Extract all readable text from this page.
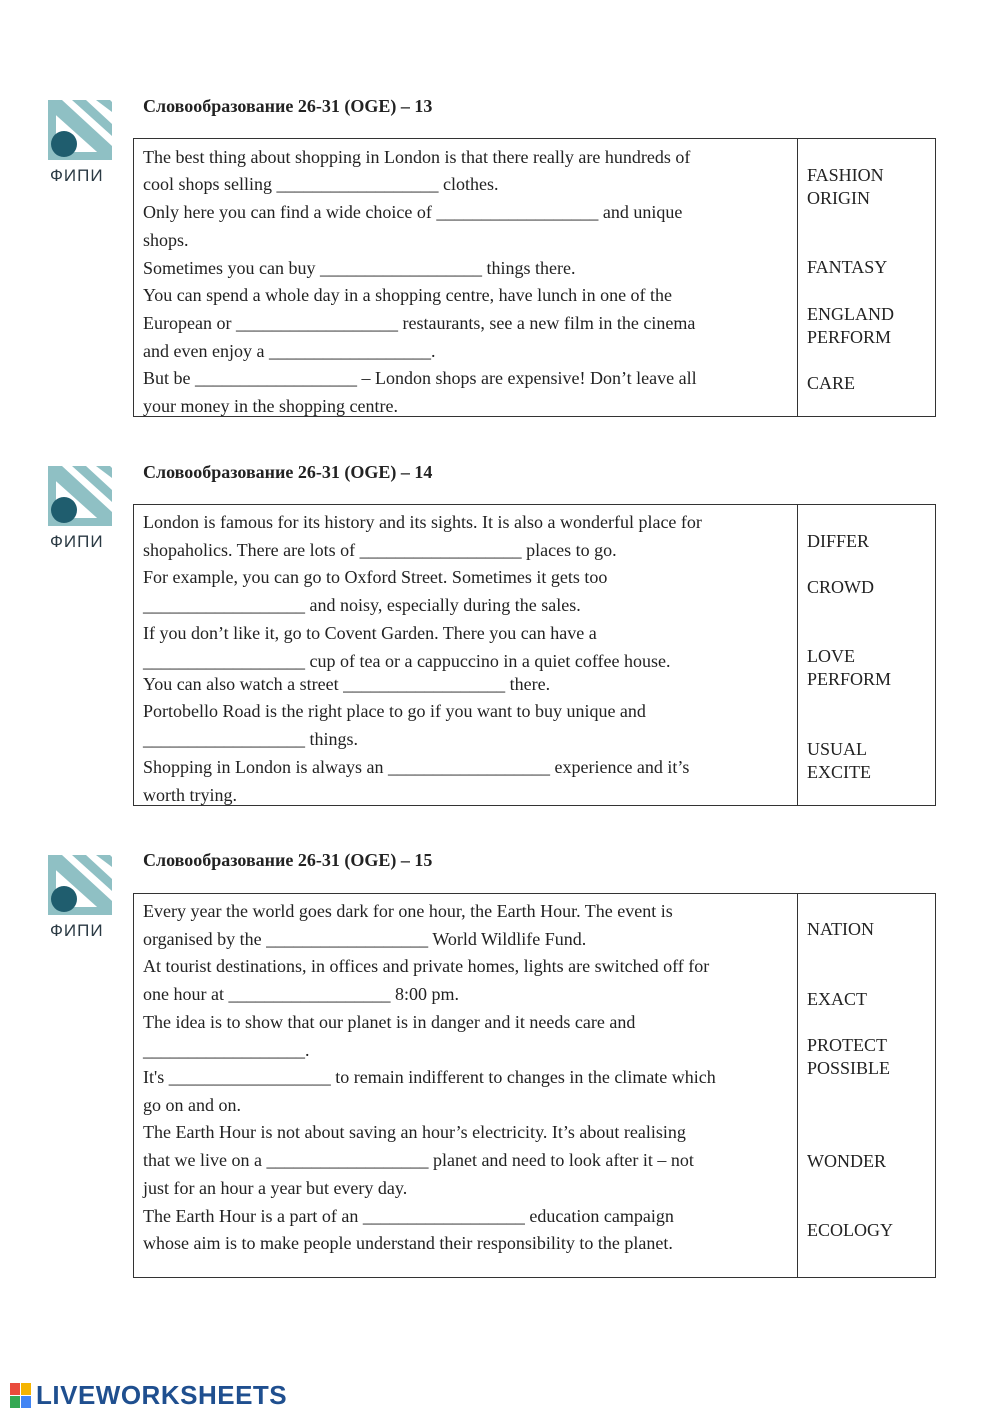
ФИПИ
Словообразование 26-31 (OGE) – 13
The best thing about shopping in London is that there really are hundreds of
cool shops selling __________________ clothes.
Only here you can find a wide choice of __________________ and unique
shops.
Sometimes you can buy __________________ things there.
You can spend a whole day in a shopping centre, have lunch in one of the
European or __________________ restaurants, see a new film in the cinema
and even enjoy a __________________.
But be __________________ – London shops are expensive! Don’t leave all
your money in the shopping centre.
FASHION
ORIGIN
FANTASY
ENGLAND
PERFORM
CARE
ФИПИ
Словообразование 26-31 (OGE) – 14
London is famous for its history and its sights. It is also a wonderful place for
shopaholics. There are lots of __________________ places to go.
For example, you can go to Oxford Street. Sometimes it gets too
__________________ and noisy, especially during the sales.
If you don’t like it, go to Covent Garden. There you can have a
__________________ cup of tea or a cappuccino in a quiet coffee house.
You can also watch a street __________________ there.
Portobello Road is the right place to go if you want to buy unique and
__________________ things.
Shopping in London is always an __________________ experience and it’s
worth trying.
DIFFER
CROWD
LOVE
PERFORM
USUAL
EXCITE
ФИПИ
Словообразование 26-31 (OGE) – 15
Every year the world goes dark for one hour, the Earth Hour. The event is
organised by the __________________ World Wildlife Fund.
At tourist destinations, in offices and private homes, lights are switched off for
one hour at __________________ 8:00 pm.
The idea is to show that our planet is in danger and it needs care and
__________________.
It's __________________ to remain indifferent to changes in the climate which
go on and on.
The Earth Hour is not about saving an hour’s electricity. It’s about realising
that we live on a __________________ planet and need to look after it – not
just for an hour a year but every day.
The Earth Hour is a part of an __________________ education campaign
whose aim is to make people understand their responsibility to the planet.
NATION
EXACT
PROTECT
POSSIBLE
WONDER
ECOLOGY
LIVEWORKSHEETS
